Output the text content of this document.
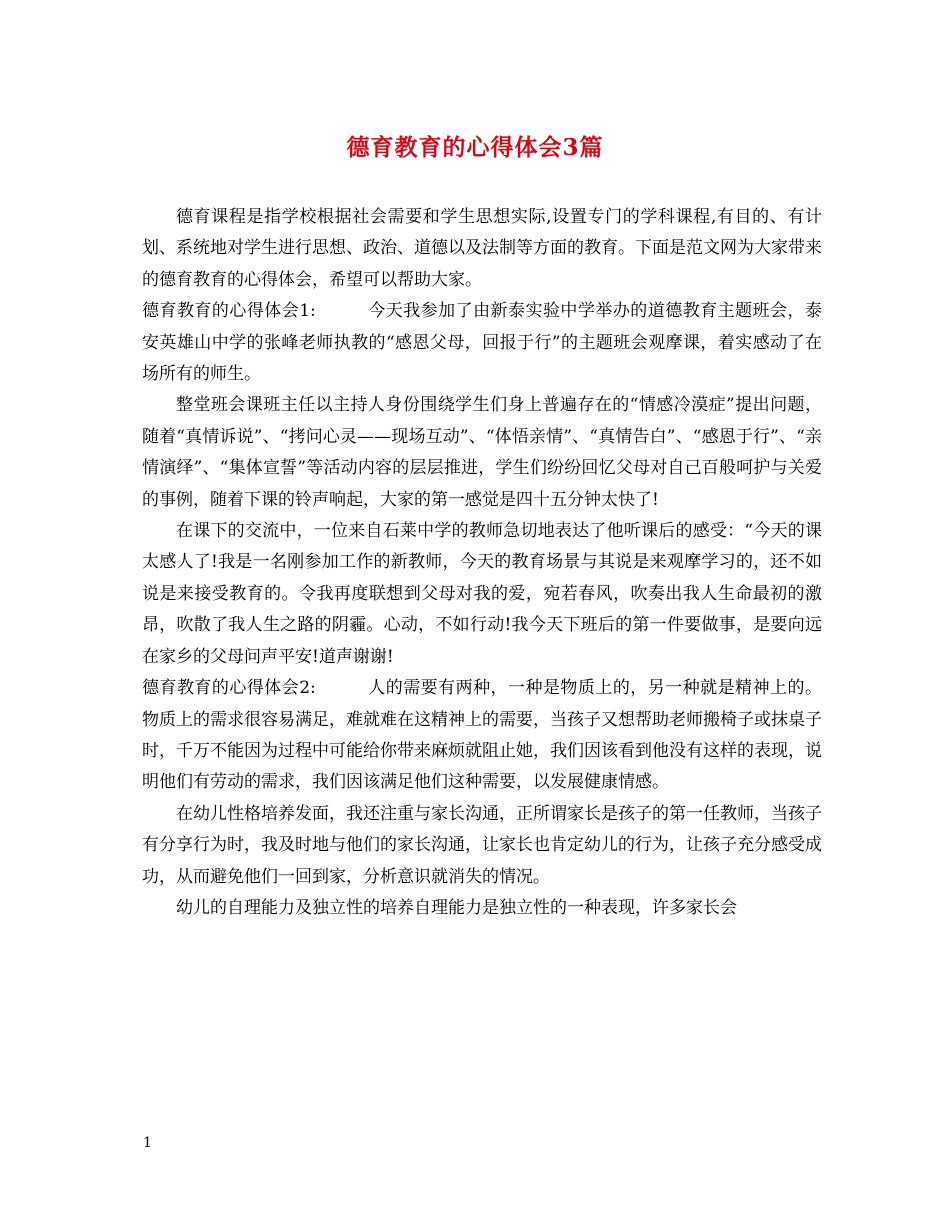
德育教育的心得体会3篇

德育课程是指学校根据社会需要和学生思想实际,设置专门的学科课程,有目的、有计划、系统地对学生进行思想、政治、道德以及法制等方面的教育。下面是范文网为大家带来的德育教育的心得体会，希望可以帮助大家。

德育教育的心得体会1:	今天我参加了由新泰实验中学举办的道德教育主题班会，泰安英雄山中学的张峰老师执教的“感恩父母，回报于行”的主题班会观摩课，着实感动了在场所有的师生。

整堂班会课班主任以主持人身份围绕学生们身上普遍存在的“情感冷漠症”提出问题，随着“真情诉说”、“拷问心灵——现场互动”、“体悟亲情”、“真情告白”、“感恩于行”、“亲情演绎”、“集体宣誓”等活动内容的层层推进，学生们纷纷回忆父母对自己百般呵护与关爱的事例，随着下课的铃声响起，大家的第一感觉是四十五分钟太快了!

在课下的交流中，一位来自石莱中学的教师急切地表达了他听课后的感受：“今天的课太感人了!我是一名刚参加工作的新教师，今天的教育场景与其说是来观摩学习的，还不如说是来接受教育的。令我再度联想到父母对我的爱，宛若春风，吹奏出我人生命最初的激昂，吹散了我人生之路的阴霾。心动，不如行动!我今天下班后的第一件要做事，是要向远在家乡的父母问声平安!道声谢谢!

德育教育的心得体会2:	人的需要有两种，一种是物质上的，另一种就是精神上的。物质上的需求很容易满足，难就难在这精神上的需要，当孩子又想帮助老师搬椅子或抹桌子时，千万不能因为过程中可能给你带来麻烦就阻止她，我们因该看到他没有这样的表现，说明他们有劳动的需求，我们因该满足他们这种需要，以发展健康情感。

在幼儿性格培养发面，我还注重与家长沟通，正所谓家长是孩子的第一任教师，当孩子有分享行为时，我及时地与他们的家长沟通，让家长也肯定幼儿的行为，让孩子充分感受成功，从而避免他们一回到家，分析意识就消失的情况。

幼儿的自理能力及独立性的培养自理能力是独立性的一种表现，许多家长会

1
